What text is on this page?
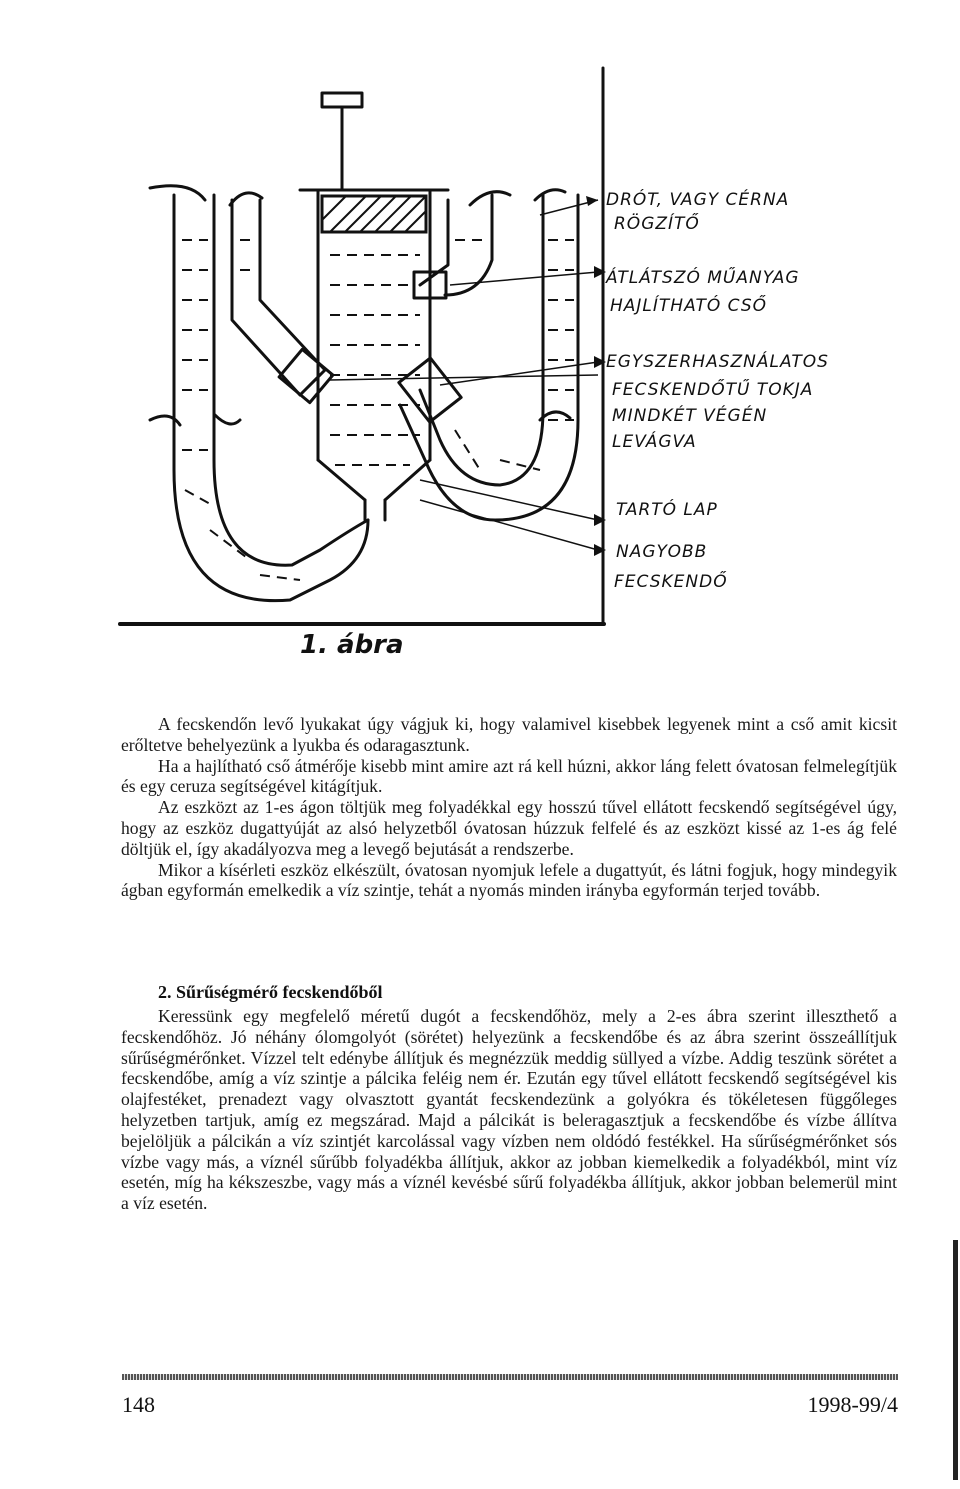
DRÓT, VAGY CÉRNA
RÖGZÍTŐ
ÁTLÁTSZÓ MŰANYAG
HAJLÍTHATÓ CSŐ
EGYSZERHASZNÁLATOS
FECSKENDŐTŰ TOKJA
MINDKÉT VÉGÉN
LEVÁGVA
TARTÓ LAP
NAGYOBB
FECSKENDŐ
1. ábra

A fecskendőn levő lyukakat úgy vágjuk ki, hogy valamivel kisebbek legyenek mint a cső amit kicsit erőltetve behelyezünk a lyukba és odaragasztunk.

Ha a hajlítható cső átmérője kisebb mint amire azt rá kell húzni, akkor láng felett óvatosan felmelegítjük és egy ceruza segítségével kitágítjuk.

Az eszközt az 1-es ágon töltjük meg folyadékkal egy hosszú tűvel ellátott fecskendő segítségével úgy, hogy az eszköz dugattyúját az alsó helyzetből óvatosan húzzuk felfelé és az eszközt kissé az 1-es ág felé döltjük el, így akadályozva meg a levegő bejutását a rendszerbe.

Mikor a kísérleti eszköz elkészült, óvatosan nyomjuk lefele a dugattyút, és látni fogjuk, hogy mindegyik ágban egyformán emelkedik a víz szintje, tehát a nyomás minden irányba egyformán terjed tovább.

2. Sűrűségmérő fecskendőből

Keressünk egy megfelelő méretű dugót a fecskendőhöz, mely a 2-es ábra szerint illeszthető a fecskendőhöz. Jó néhány ólomgolyót (sörétet) helyezünk a fecskendőbe és az ábra szerint összeállítjuk sűrűségmérőnket. Vízzel telt edénybe állítjuk és megnézzük meddig süllyed a vízbe. Addig teszünk sörétet a fecskendőbe, amíg a víz szintje a pálcika feléig nem ér. Ezután egy tűvel ellátott fecskendő segítségével kis olajfestéket, prenadezt vagy olvasztott gyantát fecskendezünk a golyókra és tökéletesen függőleges helyzetben tartjuk, amíg ez megszárad. Majd a pálcikát is beleragasztjuk a fecskendőbe és vízbe állítva bejelöljük a pálcikán a víz szintjét karcolással vagy vízben nem oldódó festékkel. Ha sűrűségmérőnket sós vízbe vagy más, a víznél sűrűbb folyadékba állítjuk, akkor az jobban kiemelkedik a folyadékból, mint víz esetén, míg ha kékszeszbe, vagy más a víznél kevésbé sűrű folyadékba állítjuk, akkor jobban belemerül mint a víz esetén.

148	1998-99/4
